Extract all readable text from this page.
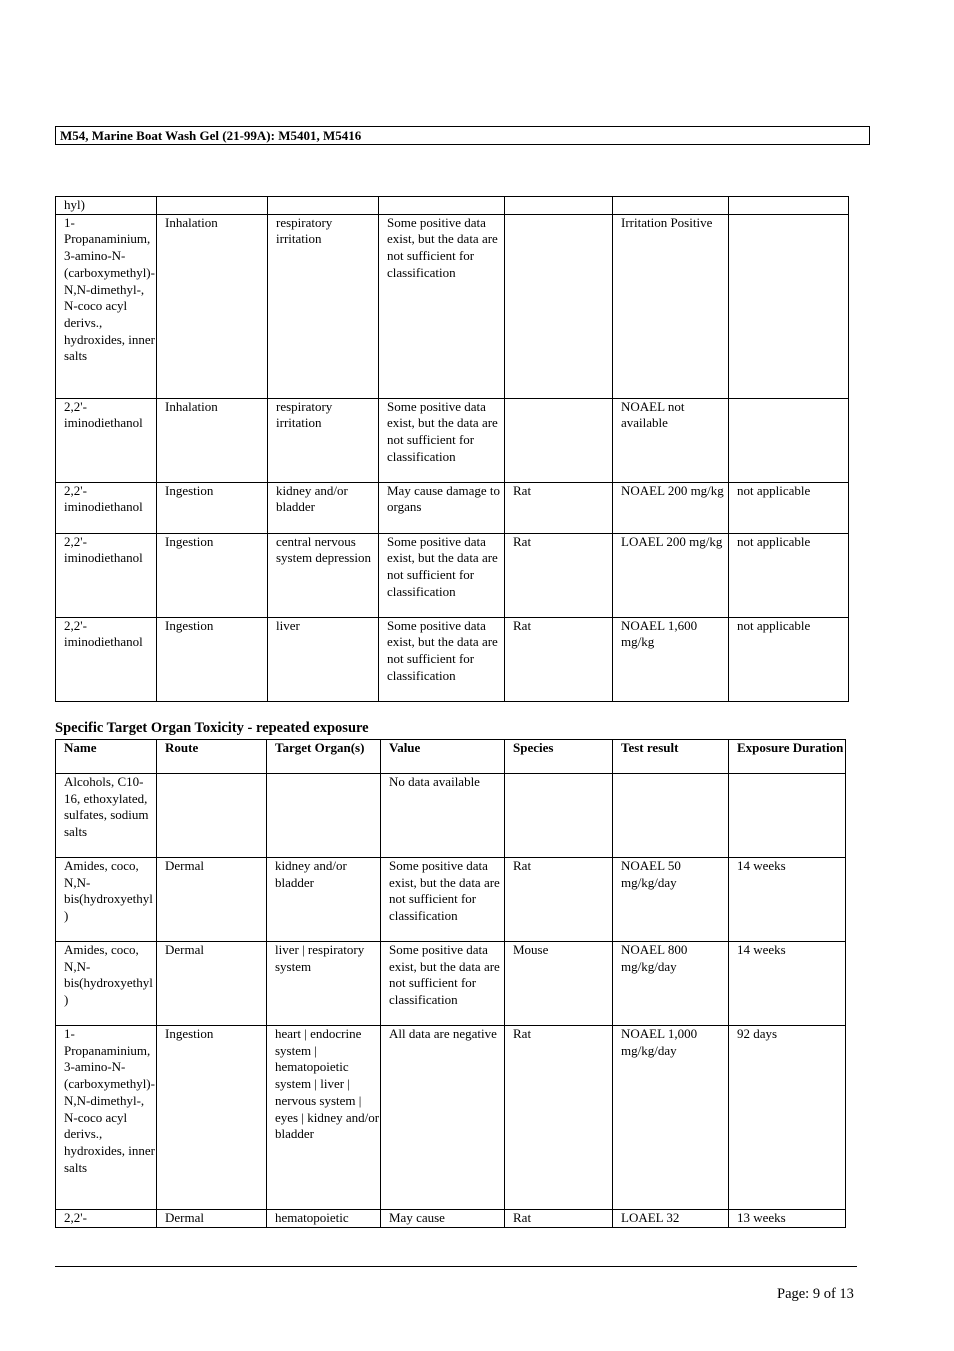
M54, Marine Boat Wash Gel (21-99A): M5401, M5416
hyl)						
1-Propanaminium, 3-amino-N-(carboxymethyl)-N,N-dimethyl-, N-coco acyl derivs., hydroxides, inner salts	Inhalation	respiratory irritation	Some positive data exist, but the data are not sufficient for classification		Irritation Positive	
2,2'-iminodiethanol	Inhalation	respiratory irritation	Some positive data exist, but the data are not sufficient for classification		NOAEL not available	
2,2'-iminodiethanol	Ingestion	kidney and/or bladder	May cause damage to organs	Rat	NOAEL 200 mg/kg	not applicable
2,2'-iminodiethanol	Ingestion	central nervous system depression	Some positive data exist, but the data are not sufficient for classification	Rat	LOAEL 200 mg/kg	not applicable
2,2'-iminodiethanol	Ingestion	liver	Some positive data exist, but the data are not sufficient for classification	Rat	NOAEL 1,600 mg/kg	not applicable
Specific Target Organ Toxicity - repeated exposure
Name	Route	Target Organ(s)	Value	Species	Test result	Exposure Duration
Alcohols, C10-16, ethoxylated, sulfates, sodium salts			No data available			
Amides, coco, N,N-bis(hydroxyethyl)	Dermal	kidney and/or bladder	Some positive data exist, but the data are not sufficient for classification	Rat	NOAEL 50 mg/kg/day	14 weeks
Amides, coco, N,N-bis(hydroxyethyl)	Dermal	liver | respiratory system	Some positive data exist, but the data are not sufficient for classification	Mouse	NOAEL 800 mg/kg/day	14 weeks
1-Propanaminium, 3-amino-N-(carboxymethyl)-N,N-dimethyl-, N-coco acyl derivs., hydroxides, inner salts	Ingestion	heart | endocrine system | hematopoietic system | liver | nervous system | eyes | kidney and/or bladder	All data are negative	Rat	NOAEL 1,000 mg/kg/day	92 days
2,2'-	Dermal	hematopoietic	May cause	Rat	LOAEL 32	13 weeks
Page: 9 of 13
